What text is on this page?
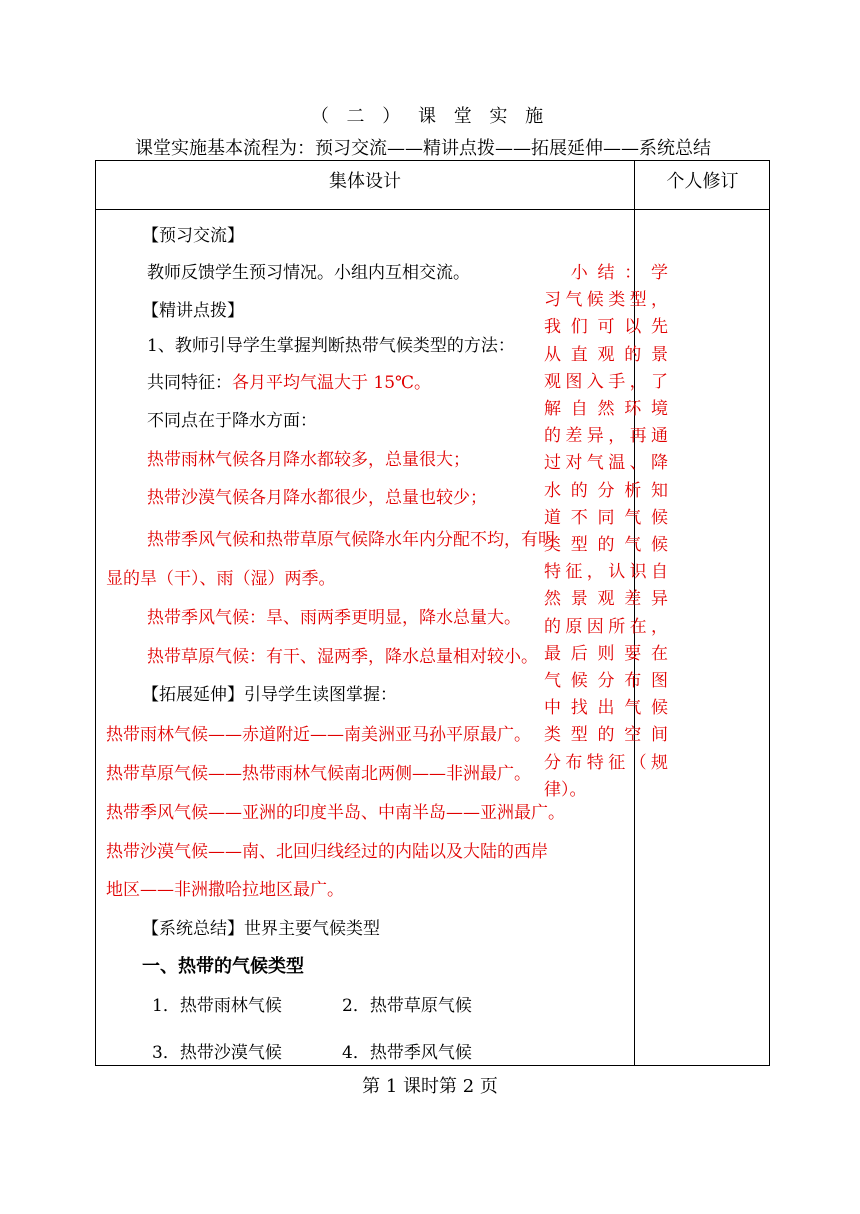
（ 二 ） 课 堂 实 施
课堂实施基本流程为：预习交流——精讲点拨——拓展延伸——系统总结
集体设计	个人修订
【预习交流】
教师反馈学生预习情况。小组内互相交流。
【精讲点拨】
1、教师引导学生掌握判断热带气候类型的方法：
共同特征：各月平均气温大于 15℃。
不同点在于降水方面：
热带雨林气候各月降水都较多，总量很大；
热带沙漠气候各月降水都很少，总量也较少；
热带季风气候和热带草原气候降水年内分配不均，有明
显的旱（干）、雨（湿）两季。
热带季风气候：旱、雨两季更明显，降水总量大。
热带草原气候：有干、湿两季，降水总量相对较小。
【拓展延伸】引导学生读图掌握：
热带雨林气候——赤道附近——南美洲亚马孙平原最广。
热带草原气候——热带雨林气候南北两侧——非洲最广。
热带季风气候——亚洲的印度半岛、中南半岛——亚洲最广。
热带沙漠气候——南、北回归线经过的内陆以及大陆的西岸
地区——非洲撒哈拉地区最广。
【系统总结】世界主要气候类型
一、热带的气候类型
1．热带雨林气候	2．热带草原气候
3．热带沙漠气候	4．热带季风气候
　小结：学
习气候类型，
我们可以先
从直观的景
观图入手，了
解自然环境
的差异，再通
过对气温、降
水的分析知
道不同气候
类型的气候
特征，认识自
然景观差异
的原因所在，
最后则要在
气候分布图
中找出气候
类型的空间
分布特征（规
律）。
第 1 课时第 2 页
